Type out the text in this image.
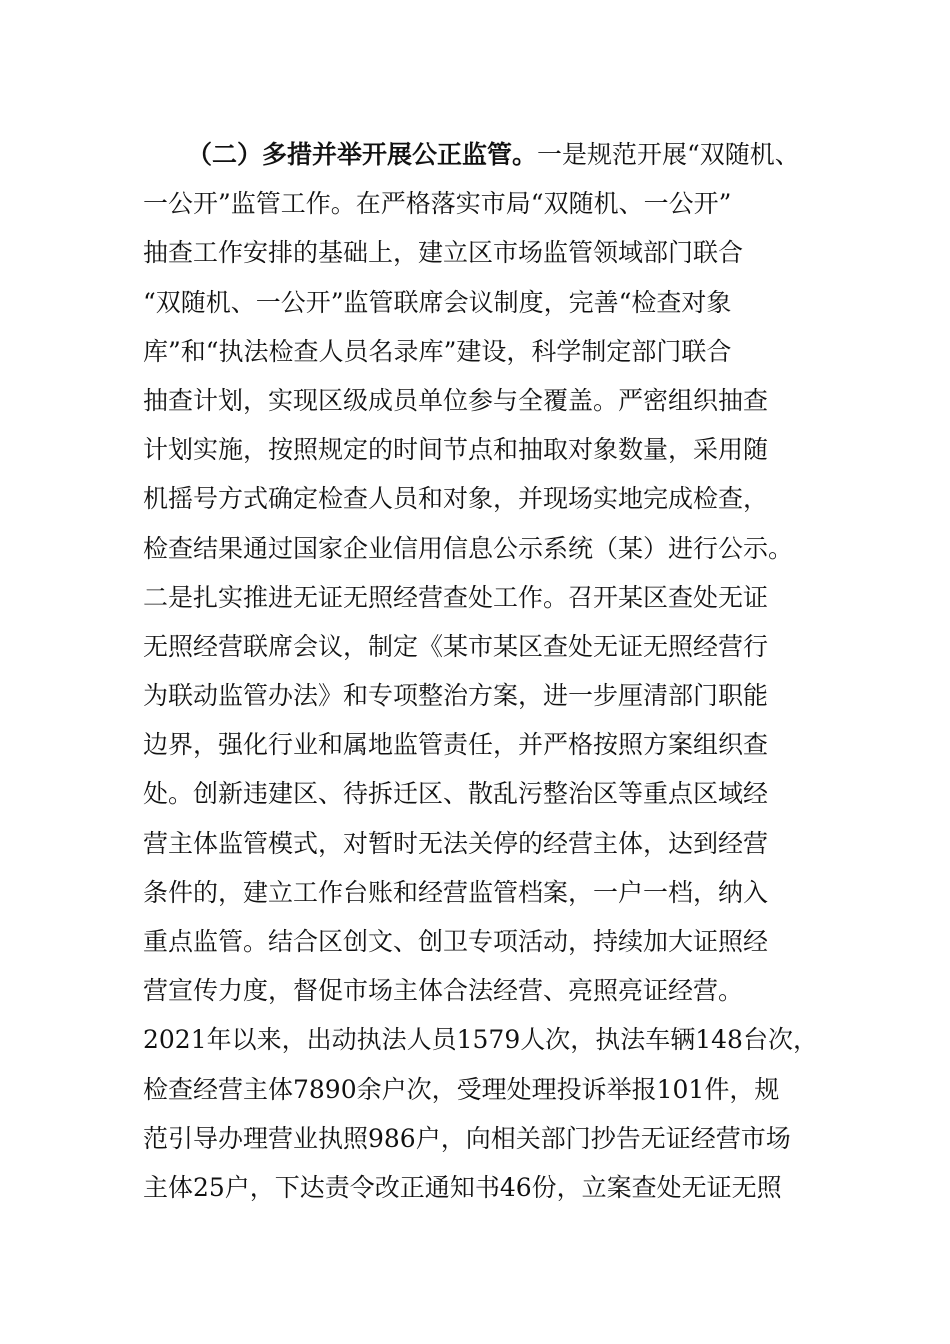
（二）多措并举开展公正监管。一是规范开展“双随机、
一公开”监管工作。在严格落实市局“双随机、一公开”
抽查工作安排的基础上，建立区市场监管领域部门联合
“双随机、一公开”监管联席会议制度，完善“检查对象
库”和“执法检查人员名录库”建设，科学制定部门联合
抽查计划，实现区级成员单位参与全覆盖。严密组织抽查
计划实施，按照规定的时间节点和抽取对象数量，采用随
机摇号方式确定检查人员和对象，并现场实地完成检查，
检查结果通过国家企业信用信息公示系统（某）进行公示。
二是扎实推进无证无照经营查处工作。召开某区查处无证
无照经营联席会议，制定《某市某区查处无证无照经营行
为联动监管办法》和专项整治方案，进一步厘清部门职能
边界，强化行业和属地监管责任，并严格按照方案组织查
处。创新违建区、待拆迁区、散乱污整治区等重点区域经
营主体监管模式，对暂时无法关停的经营主体，达到经营
条件的，建立工作台账和经营监管档案，一户一档，纳入
重点监管。结合区创文、创卫专项活动，持续加大证照经
营宣传力度，督促市场主体合法经营、亮照亮证经营。
2021年以来，出动执法人员1579人次，执法车辆148台次，
检查经营主体7890余户次，受理处理投诉举报101件，规
范引导办理营业执照986户，向相关部门抄告无证经营市场
主体25户，下达责令改正通知书46份，立案查处无证无照
